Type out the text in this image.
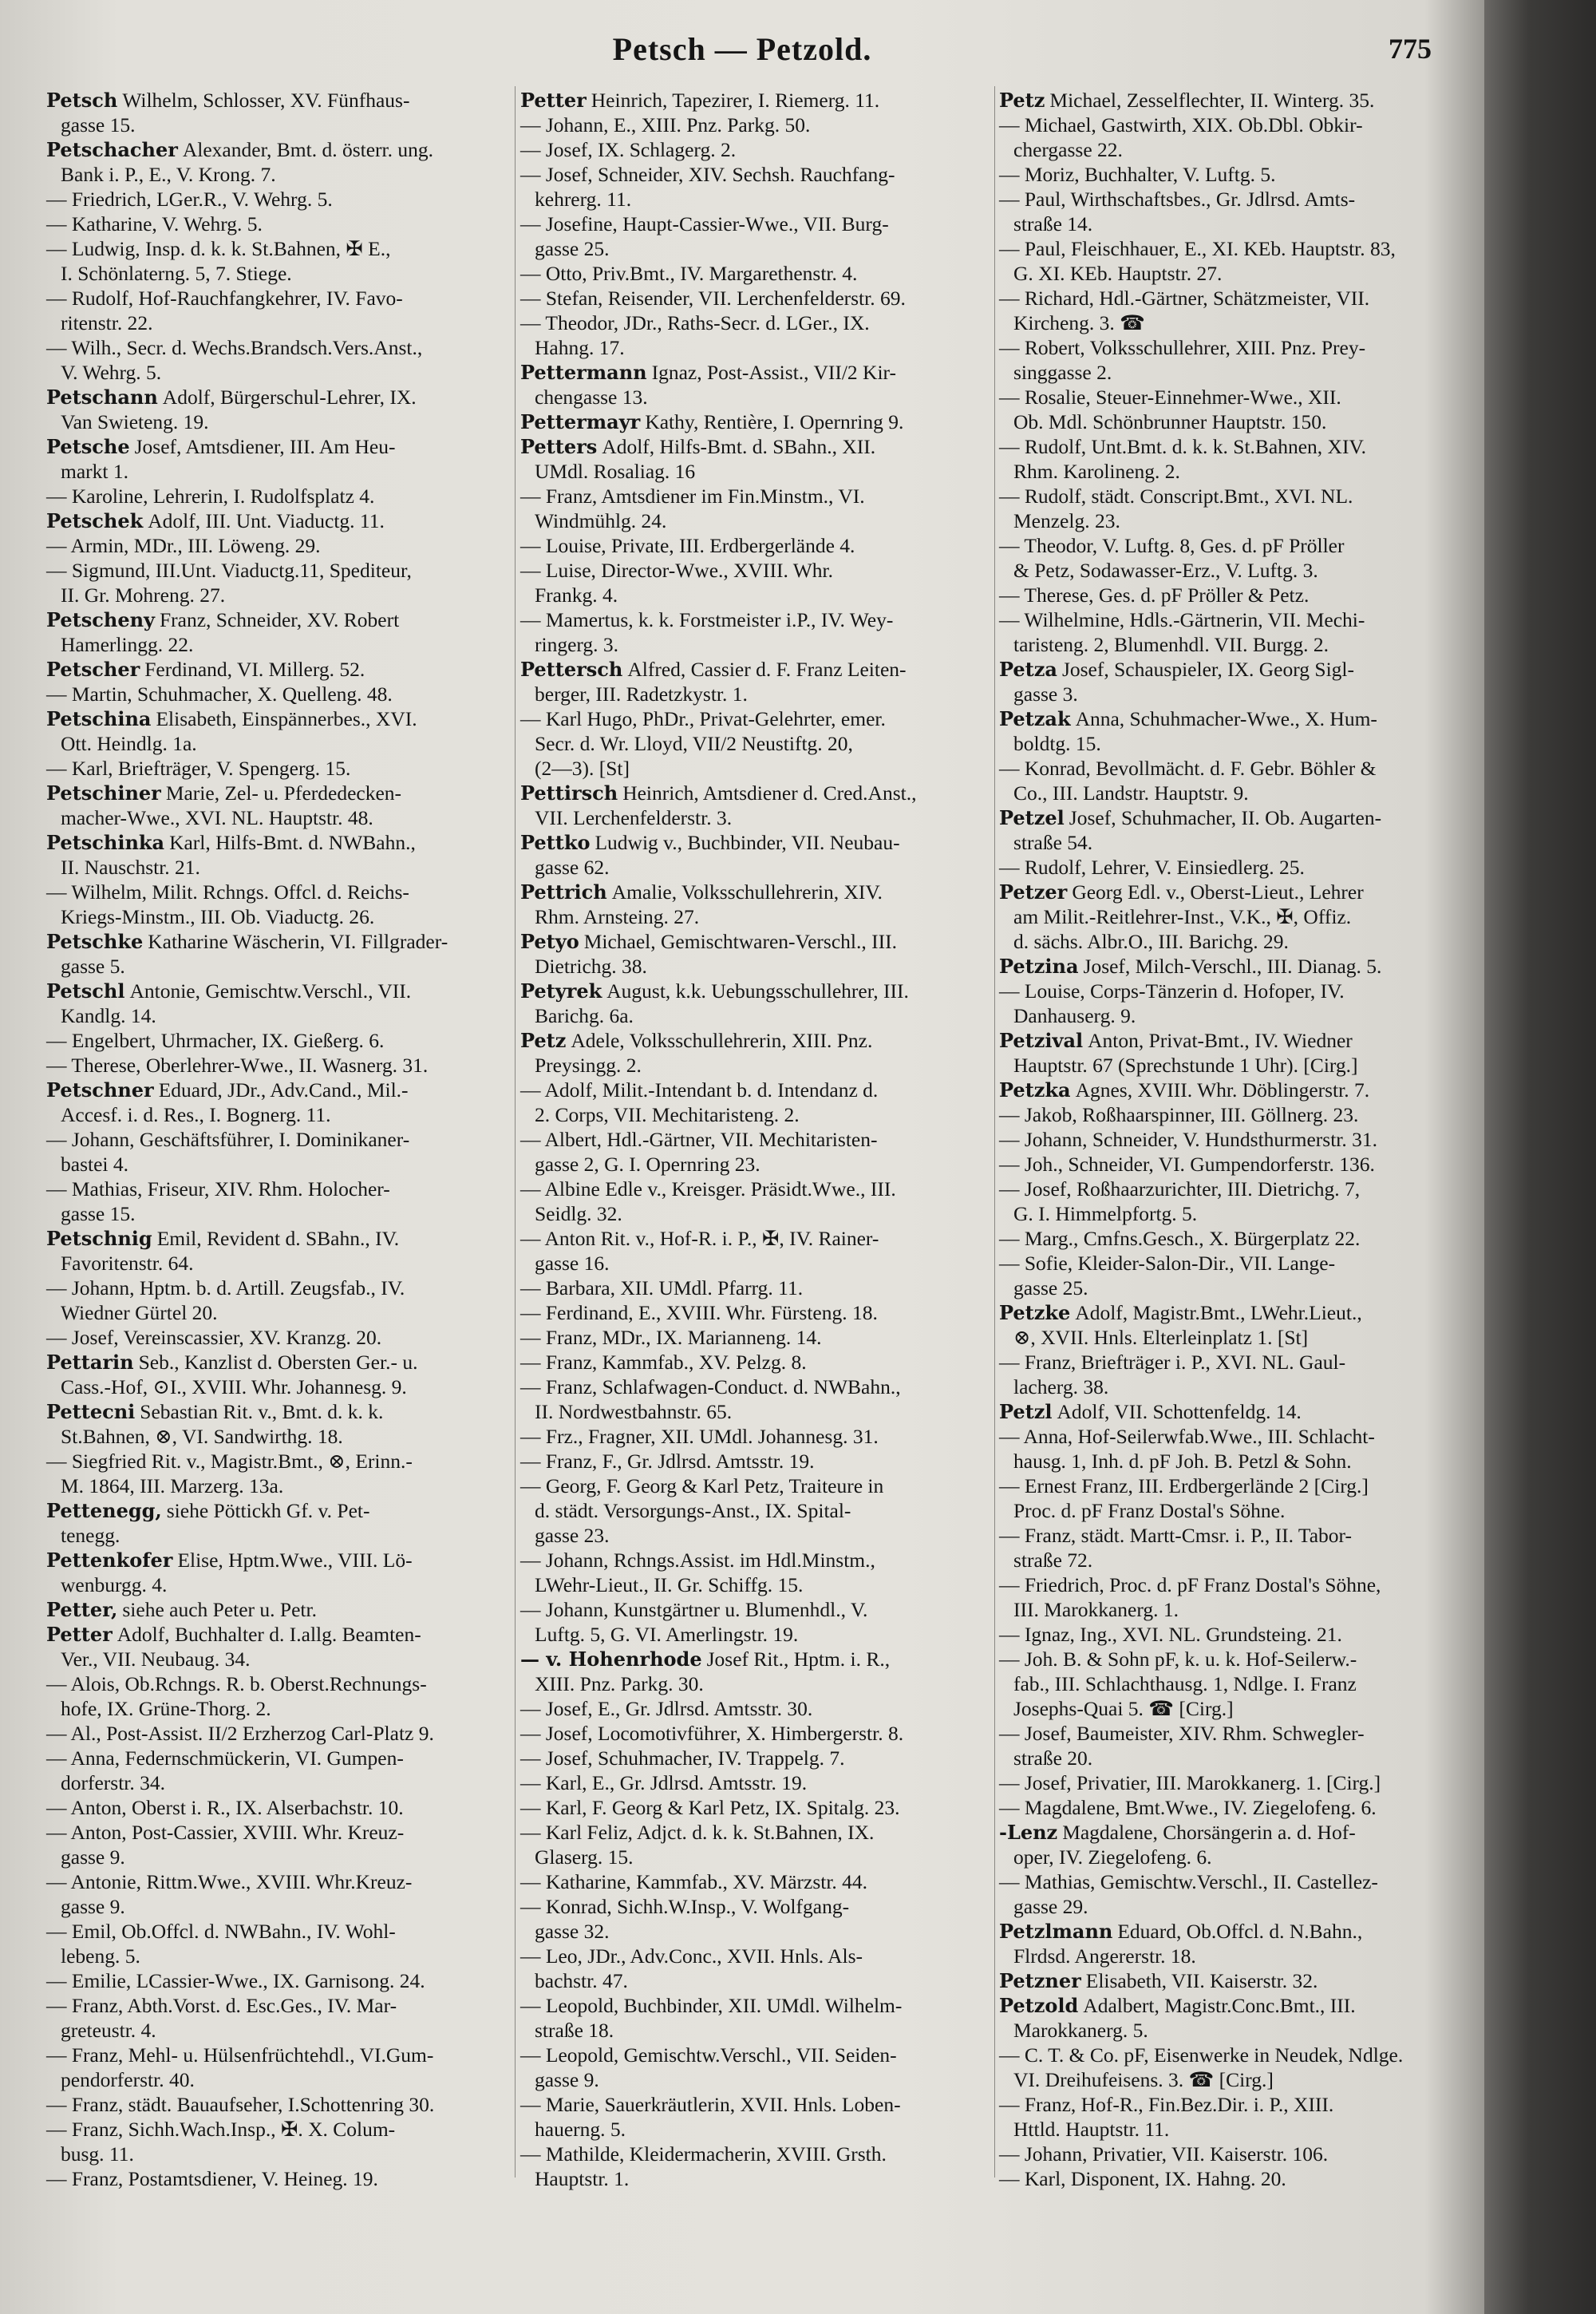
Petsch — Petzold.	775
Petsch Wilhelm, Schlosser, XV. Fünfhaus-
gasse 15.
Petschacher Alexander, Bmt. d. österr. ung.
Bank i. P., E., V. Krong. 7.
— Friedrich, LGer.R., V. Wehrg. 5.
— Katharine, V. Wehrg. 5.
— Ludwig, Insp. d. k. k. St.Bahnen, ✠ E.,
I. Schönlaterng. 5, 7. Stiege.
— Rudolf, Hof-Rauchfangkehrer, IV. Favo-
ritenstr. 22.
— Wilh., Secr. d. Wechs.Brandsch.Vers.Anst.,
V. Wehrg. 5.
Petschann Adolf, Bürgerschul-Lehrer, IX.
Van Swieteng. 19.
Petsche Josef, Amtsdiener, III. Am Heu-
markt 1.
— Karoline, Lehrerin, I. Rudolfsplatz 4.
Petschek Adolf, III. Unt. Viaductg. 11.
— Armin, MDr., III. Löweng. 29.
— Sigmund, III.Unt. Viaductg.11, Spediteur,
II. Gr. Mohreng. 27.
Petscheny Franz, Schneider, XV. Robert
Hamerlingg. 22.
Petscher Ferdinand, VI. Millerg. 52.
— Martin, Schuhmacher, X. Quelleng. 48.
Petschina Elisabeth, Einspännerbes., XVI.
Ott. Heindlg. 1a.
— Karl, Briefträger, V. Spengerg. 15.
Petschiner Marie, Zel- u. Pferdedecken-
macher-Wwe., XVI. NL. Hauptstr. 48.
Petschinka Karl, Hilfs-Bmt. d. NWBahn.,
II. Nauschstr. 21.
— Wilhelm, Milit. Rchngs. Offcl. d. Reichs-
Kriegs-Minstm., III. Ob. Viaductg. 26.
Petschke Katharine Wäscherin, VI. Fillgrader-
gasse 5.
Petschl Antonie, Gemischtw.Verschl., VII.
Kandlg. 14.
— Engelbert, Uhrmacher, IX. Gießerg. 6.
— Therese, Oberlehrer-Wwe., II. Wasnerg. 31.
Petschner Eduard, JDr., Adv.Cand., Mil.-
Accesf. i. d. Res., I. Bognerg. 11.
— Johann, Geschäftsführer, I. Dominikaner-
bastei 4.
— Mathias, Friseur, XIV. Rhm. Holocher-
gasse 15.
Petschnig Emil, Revident d. SBahn., IV.
Favoritenstr. 64.
— Johann, Hptm. b. d. Artill. Zeugsfab., IV.
Wiedner Gürtel 20.
— Josef, Vereinscassier, XV. Kranzg. 20.
Pettarin Seb., Kanzlist d. Obersten Ger.- u.
Cass.-Hof, ⊙I., XVIII. Whr. Johannesg. 9.
Pettecni Sebastian Rit. v., Bmt. d. k. k.
St.Bahnen, ⊗, VI. Sandwirthg. 18.
— Siegfried Rit. v., Magistr.Bmt., ⊗, Erinn.-
M. 1864, III. Marzerg. 13a.
Pettenegg, siehe Pöttickh Gf. v. Pet-
tenegg.
Pettenkofer Elise, Hptm.Wwe., VIII. Lö-
wenburgg. 4.
Petter, siehe auch Peter u. Petr.
Petter Adolf, Buchhalter d. I.allg. Beamten-
Ver., VII. Neubaug. 34.
— Alois, Ob.Rchngs. R. b. Oberst.Rechnungs-
hofe, IX. Grüne-Thorg. 2.
— Al., Post-Assist. II/2 Erzherzog Carl-Platz 9.
— Anna, Federnschmückerin, VI. Gumpen-
dorferstr. 34.
— Anton, Oberst i. R., IX. Alserbachstr. 10.
— Anton, Post-Cassier, XVIII. Whr. Kreuz-
gasse 9.
— Antonie, Rittm.Wwe., XVIII. Whr.Kreuz-
gasse 9.
— Emil, Ob.Offcl. d. NWBahn., IV. Wohl-
lebeng. 5.
— Emilie, LCassier-Wwe., IX. Garnisong. 24.
— Franz, Abth.Vorst. d. Esc.Ges., IV. Mar-
greteustr. 4.
— Franz, Mehl- u. Hülsenfrüchtehdl., VI.Gum-
pendorferstr. 40.
— Franz, städt. Bauaufseher, I.Schottenring 30.
— Franz, Sichh.Wach.Insp., ✠. X. Colum-
busg. 11.
— Franz, Postamtsdiener, V. Heineg. 19.
Petter Heinrich, Tapezirer, I. Riemerg. 11.
— Johann, E., XIII. Pnz. Parkg. 50.
— Josef, IX. Schlagerg. 2.
— Josef, Schneider, XIV. Sechsh. Rauchfang-
kehrerg. 11.
— Josefine, Haupt-Cassier-Wwe., VII. Burg-
gasse 25.
— Otto, Priv.Bmt., IV. Margarethenstr. 4.
— Stefan, Reisender, VII. Lerchenfelderstr. 69.
— Theodor, JDr., Raths-Secr. d. LGer., IX.
Hahng. 17.
Pettermann Ignaz, Post-Assist., VII/2 Kir-
chengasse 13.
Pettermayr Kathy, Rentière, I. Opernring 9.
Petters Adolf, Hilfs-Bmt. d. SBahn., XII.
UMdl. Rosaliag. 16
— Franz, Amtsdiener im Fin.Minstm., VI.
Windmühlg. 24.
— Louise, Private, III. Erdbergerlände 4.
— Luise, Director-Wwe., XVIII. Whr.
Frankg. 4.
— Mamertus, k. k. Forstmeister i.P., IV. Wey-
ringerg. 3.
Pettersch Alfred, Cassier d. F. Franz Leiten-
berger, III. Radetzkystr. 1.
— Karl Hugo, PhDr., Privat-Gelehrter, emer.
Secr. d. Wr. Lloyd, VII/2 Neustiftg. 20,
(2—3). [St]
Pettirsch Heinrich, Amtsdiener d. Cred.Anst.,
VII. Lerchenfelderstr. 3.
Pettko Ludwig v., Buchbinder, VII. Neubau-
gasse 62.
Pettrich Amalie, Volksschullehrerin, XIV.
Rhm. Arnsteing. 27.
Petyo Michael, Gemischtwaren-Verschl., III.
Dietrichg. 38.
Petyrek August, k.k. Uebungsschullehrer, III.
Barichg. 6a.
Petz Adele, Volksschullehrerin, XIII. Pnz.
Preysingg. 2.
— Adolf, Milit.-Intendant b. d. Intendanz d.
2. Corps, VII. Mechitaristeng. 2.
— Albert, Hdl.-Gärtner, VII. Mechitaristen-
gasse 2, G. I. Opernring 23.
— Albine Edle v., Kreisger. Präsidt.Wwe., III.
Seidlg. 32.
— Anton Rit. v., Hof-R. i. P., ✠, IV. Rainer-
gasse 16.
— Barbara, XII. UMdl. Pfarrg. 11.
— Ferdinand, E., XVIII. Whr. Fürsteng. 18.
— Franz, MDr., IX. Marianneng. 14.
— Franz, Kammfab., XV. Pelzg. 8.
— Franz, Schlafwagen-Conduct. d. NWBahn.,
II. Nordwestbahnstr. 65.
— Frz., Fragner, XII. UMdl. Johannesg. 31.
— Franz, F., Gr. Jdlrsd. Amtsstr. 19.
— Georg, F. Georg & Karl Petz, Traiteure in
d. städt. Versorgungs-Anst., IX. Spital-
gasse 23.
— Johann, Rchngs.Assist. im Hdl.Minstm.,
LWehr-Lieut., II. Gr. Schiffg. 15.
— Johann, Kunstgärtner u. Blumenhdl., V.
Luftg. 5, G. VI. Amerlingstr. 19.
— v. Hohenrhode Josef Rit., Hptm. i. R.,
XIII. Pnz. Parkg. 30.
— Josef, E., Gr. Jdlrsd. Amtsstr. 30.
— Josef, Locomotivführer, X. Himbergerstr. 8.
— Josef, Schuhmacher, IV. Trappelg. 7.
— Karl, E., Gr. Jdlrsd. Amtsstr. 19.
— Karl, F. Georg & Karl Petz, IX. Spitalg. 23.
— Karl Feliz, Adjct. d. k. k. St.Bahnen, IX.
Glaserg. 15.
— Katharine, Kammfab., XV. Märzstr. 44.
— Konrad, Sichh.W.Insp., V. Wolfgang-
gasse 32.
— Leo, JDr., Adv.Conc., XVII. Hnls. Als-
bachstr. 47.
— Leopold, Buchbinder, XII. UMdl. Wilhelm-
straße 18.
— Leopold, Gemischtw.Verschl., VII. Seiden-
gasse 9.
— Marie, Sauerkräutlerin, XVII. Hnls. Loben-
hauerng. 5.
— Mathilde, Kleidermacherin, XVIII. Grsth.
Hauptstr. 1.
Petz Michael, Zesselflechter, II. Winterg. 35.
— Michael, Gastwirth, XIX. Ob.Dbl. Obkir-
chergasse 22.
— Moriz, Buchhalter, V. Luftg. 5.
— Paul, Wirthschaftsbes., Gr. Jdlrsd. Amts-
straße 14.
— Paul, Fleischhauer, E., XI. KEb. Hauptstr. 83,
G. XI. KEb. Hauptstr. 27.
— Richard, Hdl.-Gärtner, Schätzmeister, VII.
Kircheng. 3. ☎
— Robert, Volksschullehrer, XIII. Pnz. Prey-
singgasse 2.
— Rosalie, Steuer-Einnehmer-Wwe., XII.
Ob. Mdl. Schönbrunner Hauptstr. 150.
— Rudolf, Unt.Bmt. d. k. k. St.Bahnen, XIV.
Rhm. Karolineng. 2.
— Rudolf, städt. Conscript.Bmt., XVI. NL.
Menzelg. 23.
— Theodor, V. Luftg. 8, Ges. d. pF Pröller
& Petz, Sodawasser-Erz., V. Luftg. 3.
— Therese, Ges. d. pF Pröller & Petz.
— Wilhelmine, Hdls.-Gärtnerin, VII. Mechi-
taristeng. 2, Blumenhdl. VII. Burgg. 2.
Petza Josef, Schauspieler, IX. Georg Sigl-
gasse 3.
Petzak Anna, Schuhmacher-Wwe., X. Hum-
boldtg. 15.
— Konrad, Bevollmächt. d. F. Gebr. Böhler &
Co., III. Landstr. Hauptstr. 9.
Petzel Josef, Schuhmacher, II. Ob. Augarten-
straße 54.
— Rudolf, Lehrer, V. Einsiedlerg. 25.
Petzer Georg Edl. v., Oberst-Lieut., Lehrer
am Milit.-Reitlehrer-Inst., V.K., ✠, Offiz.
d. sächs. Albr.O., III. Barichg. 29.
Petzina Josef, Milch-Verschl., III. Dianag. 5.
— Louise, Corps-Tänzerin d. Hofoper, IV.
Danhauserg. 9.
Petzival Anton, Privat-Bmt., IV. Wiedner
Hauptstr. 67 (Sprechstunde 1 Uhr). [Cirg.]
Petzka Agnes, XVIII. Whr. Döblingerstr. 7.
— Jakob, Roßhaarspinner, III. Göllnerg. 23.
— Johann, Schneider, V. Hundsthurmerstr. 31.
— Joh., Schneider, VI. Gumpendorferstr. 136.
— Josef, Roßhaarzurichter, III. Dietrichg. 7,
G. I. Himmelpfortg. 5.
— Marg., Cmfns.Gesch., X. Bürgerplatz 22.
— Sofie, Kleider-Salon-Dir., VII. Lange-
gasse 25.
Petzke Adolf, Magistr.Bmt., LWehr.Lieut.,
⊗, XVII. Hnls. Elterleinplatz 1. [St]
— Franz, Briefträger i. P., XVI. NL. Gaul-
lacherg. 38.
Petzl Adolf, VII. Schottenfeldg. 14.
— Anna, Hof-Seilerwfab.Wwe., III. Schlacht-
hausg. 1, Inh. d. pF Joh. B. Petzl & Sohn.
— Ernest Franz, III. Erdbergerlände 2 [Cirg.]
Proc. d. pF Franz Dostal's Söhne.
— Franz, städt. Martt-Cmsr. i. P., II. Tabor-
straße 72.
— Friedrich, Proc. d. pF Franz Dostal's Söhne,
III. Marokkanerg. 1.
— Ignaz, Ing., XVI. NL. Grundsteing. 21.
— Joh. B. & Sohn pF, k. u. k. Hof-Seilerw.-
fab., III. Schlachthausg. 1, Ndlge. I. Franz
Josephs-Quai 5. ☎ [Cirg.]
— Josef, Baumeister, XIV. Rhm. Schwegler-
straße 20.
— Josef, Privatier, III. Marokkanerg. 1. [Cirg.]
— Magdalene, Bmt.Wwe., IV. Ziegelofeng. 6.
-Lenz Magdalene, Chorsängerin a. d. Hof-
oper, IV. Ziegelofeng. 6.
— Mathias, Gemischtw.Verschl., II. Castellez-
gasse 29.
Petzlmann Eduard, Ob.Offcl. d. N.Bahn.,
Flrdsd. Angererstr. 18.
Petzner Elisabeth, VII. Kaiserstr. 32.
Petzold Adalbert, Magistr.Conc.Bmt., III.
Marokkanerg. 5.
— C. T. & Co. pF, Eisenwerke in Neudek, Ndlge.
VI. Dreihufeisens. 3. ☎ [Cirg.]
— Franz, Hof-R., Fin.Bez.Dir. i. P., XIII.
Httld. Hauptstr. 11.
— Johann, Privatier, VII. Kaiserstr. 106.
— Karl, Disponent, IX. Hahng. 20.
